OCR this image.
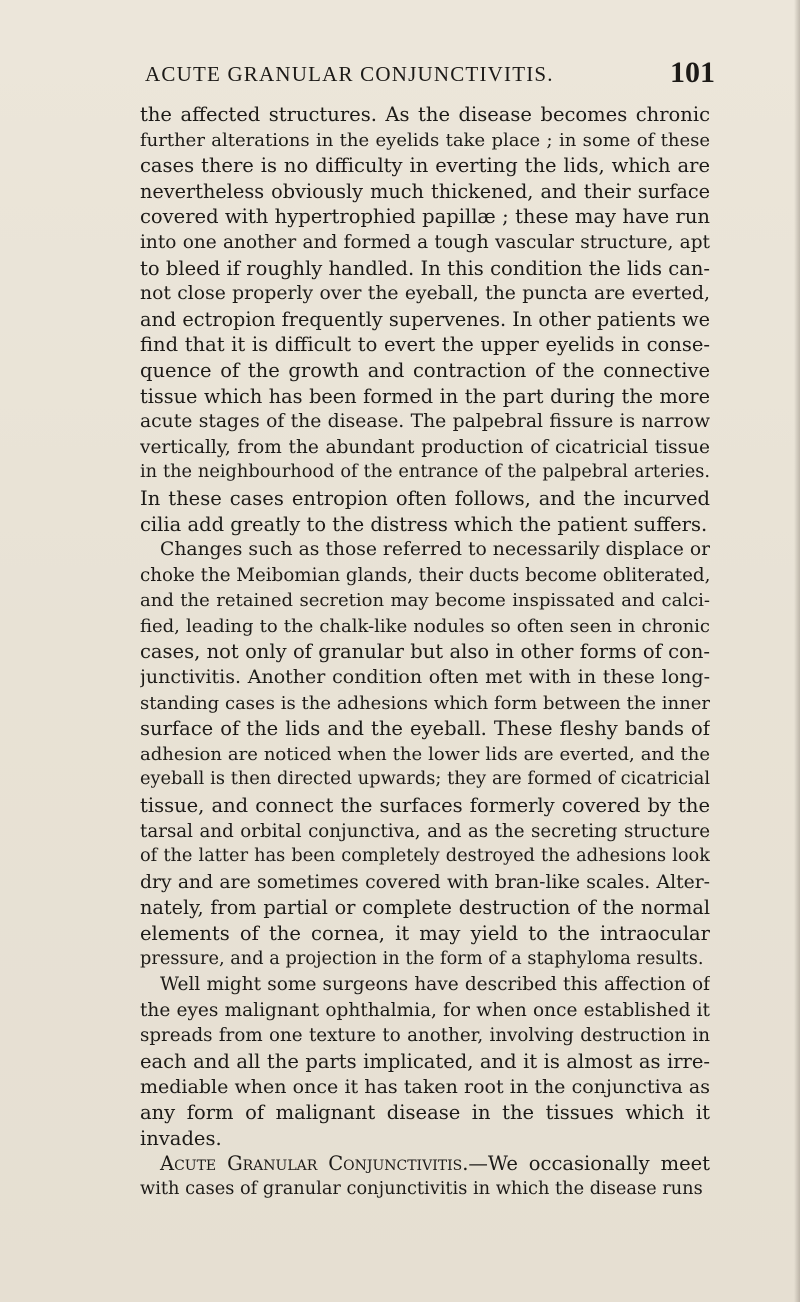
ACUTE GRANULAR CONJUNCTIVITIS.	101
the affected structures. As the disease becomes chronic
further alterations in the eyelids take place ; in some of these
cases there is no difficulty in everting the lids, which are
nevertheless obviously much thickened, and their surface
covered with hypertrophied papillæ ; these may have run
into one another and formed a tough vascular structure, apt
to bleed if roughly handled. In this condition the lids can-
not close properly over the eyeball, the puncta are everted,
and ectropion frequently supervenes. In other patients we
find that it is difficult to evert the upper eyelids in conse-
quence of the growth and contraction of the connective
tissue which has been formed in the part during the more
acute stages of the disease. The palpebral fissure is narrow
vertically, from the abundant production of cicatricial tissue
in the neighbourhood of the entrance of the palpebral arteries.
In these cases entropion often follows, and the incurved
cilia add greatly to the distress which the patient suffers.
Changes such as those referred to necessarily displace or
choke the Meibomian glands, their ducts become obliterated,
and the retained secretion may become inspissated and calci-
fied, leading to the chalk-like nodules so often seen in chronic
cases, not only of granular but also in other forms of con-
junctivitis. Another condition often met with in these long-
standing cases is the adhesions which form between the inner
surface of the lids and the eyeball. These fleshy bands of
adhesion are noticed when the lower lids are everted, and the
eyeball is then directed upwards; they are formed of cicatricial
tissue, and connect the surfaces formerly covered by the
tarsal and orbital conjunctiva, and as the secreting structure
of the latter has been completely destroyed the adhesions look
dry and are sometimes covered with bran-like scales. Alter-
nately, from partial or complete destruction of the normal
elements of the cornea, it may yield to the intraocular
pressure, and a projection in the form of a staphyloma results.
Well might some surgeons have described this affection of
the eyes malignant ophthalmia, for when once established it
spreads from one texture to another, involving destruction in
each and all the parts implicated, and it is almost as irre-
mediable when once it has taken root in the conjunctiva as
any form of malignant disease in the tissues which it
invades.
Acute Granular Conjunctivitis.—We occasionally meet
with cases of granular conjunctivitis in which the disease runs
